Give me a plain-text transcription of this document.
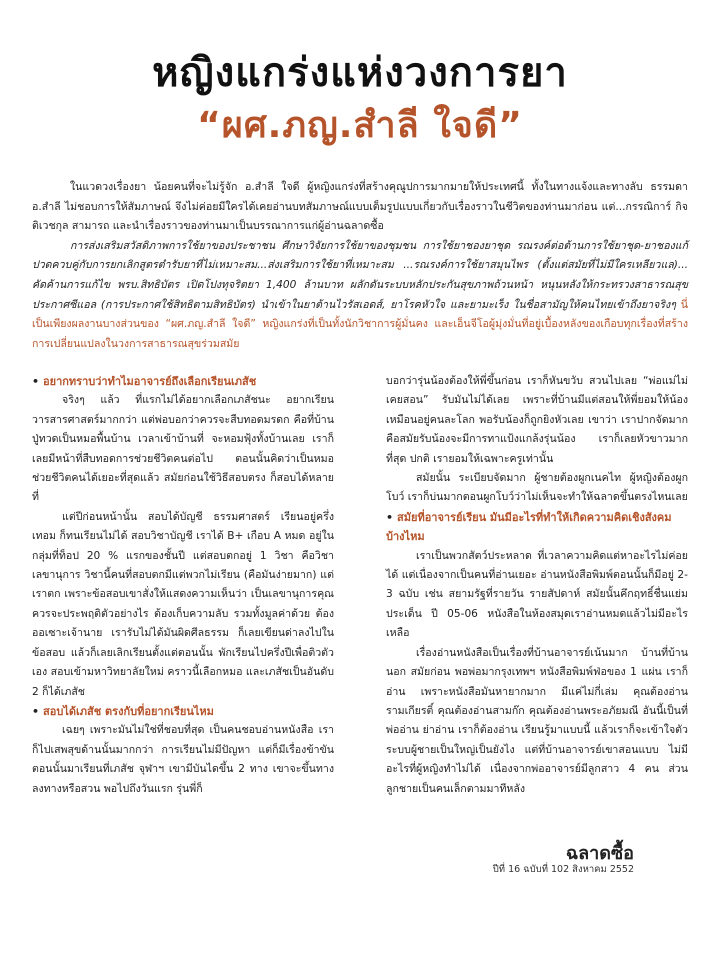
หญิงแกร่งแห่งวงการยา
“ผศ.ภญ.สำลี ใจดี”

ในแวดวงเรื่องยา น้อยคนที่จะไม่รู้จัก อ.สำลี ใจดี ผู้หญิงแกร่งที่สร้างคุณูปการมากมายให้ประเทศนี้ ทั้งในทางแจ้งและทางลับ ธรรมดา อ.สำลี ไม่ชอบการให้สัมภาษณ์ จึงไม่ค่อยมีใครได้เคยอ่านบทสัมภาษณ์แบบเต็มรูปแบบเกี่ยวกับเรื่องราวในชีวิตของท่านมาก่อน แต่...กรรณิการ์ กิจติเวชกุล สามารถ และนำเรื่องราวของท่านมาเป็นบรรณาการแก่ผู้อ่านฉลาดซื้อ

การส่งเสริมสวัสดิภาพการใช้ยาของประชาชน ศึกษาวิจัยการใช้ยาของชุมชน การใช้ยาชองยาชุด รณรงค์ต่อต้านการใช้ยาชุด-ยาชองแก้ปวดควบคู่กับการยกเลิกสูตรตำรับยาที่ไม่เหมาะสม...ส่งเสริมการใช้ยาที่เหมาะสม ...รณรงค์การใช้ยาสมุนไพร (ตั้งแต่สมัยที่ไม่มีใครเหลียวแล)... คัดค้านการแก้ไข พรบ.สิทธิบัตร เปิดโปงทุจริตยา 1,400 ล้านบาท ผลักดันระบบหลักประกันสุขภาพถ้วนหน้า หนุนหลังให้กระทรวงสาธารณสุขประกาศซีแอล (การประกาศใช้สิทธิตามสิทธิบัตร) นำเข้าในยาต้านไวรัสเอดส์, ยาโรคหัวใจ และยามะเร็ง ในชื่อสามัญให้คนไทยเข้าถึงยาจริงๆ นี่เป็นเพียงผลงานบางส่วนของ “ผศ.ภญ.สำลี ใจดี” หญิงแกร่งที่เป็นทั้งนักวิชาการผู้มั่นคง และเอ็นจีโอผู้มุ่งมั่นที่อยู่เบื้องหลังของเกือบทุกเรื่องที่สร้างการเปลี่ยนแปลงในวงการสาธารณสุขร่วมสมัย

• อยากทราบว่าทำไมอาจารย์ถึงเลือกเรียนเภสัช

จริงๆ แล้ว ที่แรกไม่ได้อยากเลือกเภสัชนะ อยากเรียนวารสารศาสตร์มากกว่า แต่พ่อบอกว่าควรจะสืบทอดมรดก คือที่บ้านปู่ทวดเป็นหมอพื้นบ้าน เวลาเข้าบ้านที่ จะหอมฟุ้งทั้งบ้านเลย เราก็เลยมีหน้าที่สืบทอดการช่วยชีวิตคนต่อไป ตอนนั้นคิดว่าเป็นหมอช่วยชีวิตคนได้เยอะที่สุดแล้ว สมัยก่อนใช้วิธีสอบตรง ก็สอบได้หลายที่

แต่ปีก่อนหน้านั้น สอบได้บัญชี ธรรมศาสตร์ เรียนอยู่ครึ่งเทอม ก็ทนเรียนไม่ได้ สอบวิชาบัญชี เราได้ B+ เกือบ A หมด อยู่ในกลุ่มที่ท็อป 20 % แรกของชั้นปี แต่สอบตกอยู่ 1 วิชา คือวิชาเลขานุการ วิชานี้คนที่สอบตกมีแต่พวกไม่เรียน (คือมันง่ายมาก) แต่เราตก เพราะข้อสอบเขาสั่งให้แสดงความเห็นว่า เป็นเลขานุการคุณควรจะประพฤติตัวอย่างไร ต้องเก็บความลับ รวมทั้งมูลค่าด้วย ต้องออเซาะเจ้านาย เรารับไม่ได้มันผิดศีลธรรม ก็เลยเขียนด่าลงไปในข้อสอบ แล้วก็เลยเลิกเรียนตั้งแต่ตอนนั้น พักเรียนไปครึ่งปีเพื่อติวตัวเอง สอบเข้ามหาวิทยาลัยใหม่ คราวนี้เลือกหมอ และเภสัชเป็นอันดับ 2 ก็ได้เภสัช

• สอบได้เภสัช ตรงกับที่อยากเรียนไหม

เฉยๆ เพราะมันไม่ใช่ที่ชอบที่สุด เป็นคนชอบอ่านหนังสือ เราก็ไปเสพสุขด้านนั้นมากกว่า การเรียนไม่มีปัญหา แต่ก็มีเรื่องข้าขัน ตอนนั้นมาเรียนที่เภสัช จุฬาฯ เขามีบันไดขึ้น 2 ทาง เขาจะขึ้นทางลงทางหรือสวน พอไปถึงวันแรก รุ่นพี่ก็

บอกว่ารุ่นน้องต้องให้พี่ขึ้นก่อน เราก็หันขวับ สวนไปเลย “พ่อแม่ไม่เคยสอน” รับมันไม่ได้เลย เพราะที่บ้านมีแต่สอนให้พี่ยอมให้น้อง เหมือนอยู่คนละโลก พอรับน้องก็ถูกยิงหัวเลย เขาว่า เราปากจัดมาก คือสมัยรับน้องจะมีการทาแป้งแกล้งรุ่นน้อง เราก็เลยหัวขาวมากที่สุด ปกติ เรายอมให้เฉพาะครูเท่านั้น

สมัยนั้น ระเบียบจัดมาก ผู้ชายต้องผูกเนคไท ผู้หญิงต้องผูกโบว์ เราก็บ่นมากตอนผูกโบว์ว่าไม่เห็นจะทำให้ฉลาดขึ้นตรงไหนเลย

• สมัยที่อาจารย์เรียน มันมีอะไรที่ทำให้เกิดความคิดเชิงสังคมบ้างไหม

เราเป็นพวกสัตว์ประหลาด ที่เวลาความคิดแต่หาอะไรไม่ค่อยได้ แต่เนื่องจากเป็นคนที่อ่านเยอะ อ่านหนังสือพิมพ์ตอนนั้นก็มีอยู่ 2-3 ฉบับ เช่น สยามรัฐที่รายวัน รายสัปดาห์ สมัยนั้นคึกฤทธิ์ชื่นแย่มประเด็น ปี 05-06 หนังสือในห้องสมุดเราอ่านหมดแล้วไม่มีอะไรเหลือ

เรื่องอ่านหนังสือเป็นเรื่องที่บ้านอาจารย์เน้นมาก บ้านที่บ้านนอก สมัยก่อน พอพ่อมากรุงเทพฯ หนังสือพิมพ์ฟ่อของ 1 แผ่น เราก็อ่าน เพราะหนังสือมันหายากมาก มีแค่ไม่กี่เล่ม คุณต้องอ่านรามเกียรติ์ คุณต้องอ่านสามก๊ก คุณต้องอ่านพระอภัยมณี อันนี้เป็นที่พ่ออ่าน ย่าอ่าน เราก็ต้องอ่าน เรียนรู้มาแบบนี้ แล้วเราก็จะเข้าใจตัวระบบผู้ชายเป็นใหญ่เป็นยังไง แต่ที่บ้านอาจารย์เขาสอนแบบ ไม่มีอะไรที่ผู้หญิงทำไม่ได้ เนื่องจากพ่ออาจารย์มีลูกสาว 4 คน ส่วนลูกชายเป็นคนเล็กตามมาทีหลัง

ฉลาดซื้อ
ปีที่ 16 ฉบับที่ 102 สิงหาคม 2552
